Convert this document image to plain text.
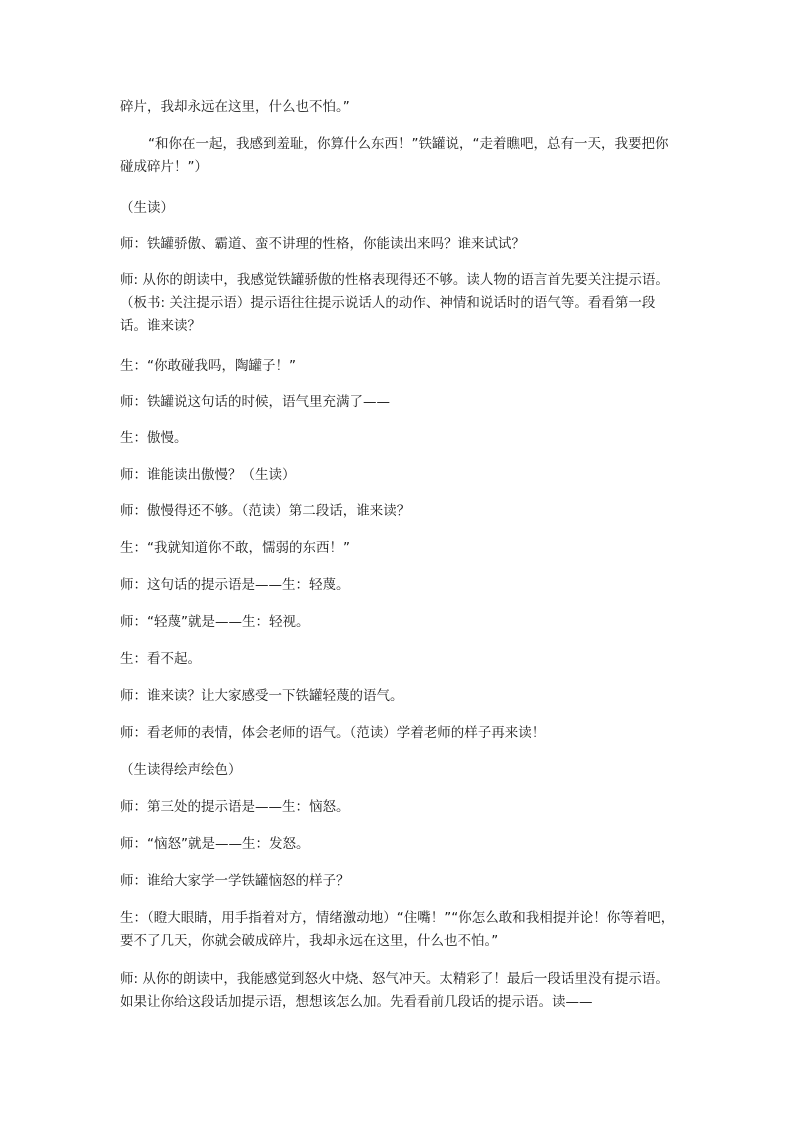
碎片，我却永远在这里，什么也不怕。”

“和你在一起，我感到羞耻，你算什么东西！”铁罐说，“走着瞧吧，总有一天，我要把你碰成碎片！”）

（生读）

师：铁罐骄傲、霸道、蛮不讲理的性格，你能读出来吗？谁来试试？

师: 从你的朗读中，我感觉铁罐骄傲的性格表现得还不够。读人物的语言首先要关注提示语。（板书: 关注提示语）提示语往往提示说话人的动作、神情和说话时的语气等。看看第一段话。谁来读？

生：“你敢碰我吗，陶罐子！”

师：铁罐说这句话的时候，语气里充满了——

生：傲慢。

师：谁能读出傲慢？（生读）

师：傲慢得还不够。（范读）第二段话，谁来读？

生：“我就知道你不敢，懦弱的东西！”

师：这句话的提示语是——生：轻蔑。

师：“轻蔑”就是——生：轻视。

生：看不起。

师：谁来读？让大家感受一下铁罐轻蔑的语气。

师：看老师的表情，体会老师的语气。（范读）学着老师的样子再来读！

（生读得绘声绘色）

师：第三处的提示语是——生：恼怒。

师：“恼怒”就是——生：发怒。

师：谁给大家学一学铁罐恼怒的样子？

生：（瞪大眼睛，用手指着对方，情绪激动地）“住嘴！”“你怎么敢和我相提并论！你等着吧，要不了几天，你就会破成碎片，我却永远在这里，什么也不怕。”

师: 从你的朗读中，我能感觉到怒火中烧、怒气冲天。太精彩了！最后一段话里没有提示语。如果让你给这段话加提示语，想想该怎么加。先看看前几段话的提示语。读——
